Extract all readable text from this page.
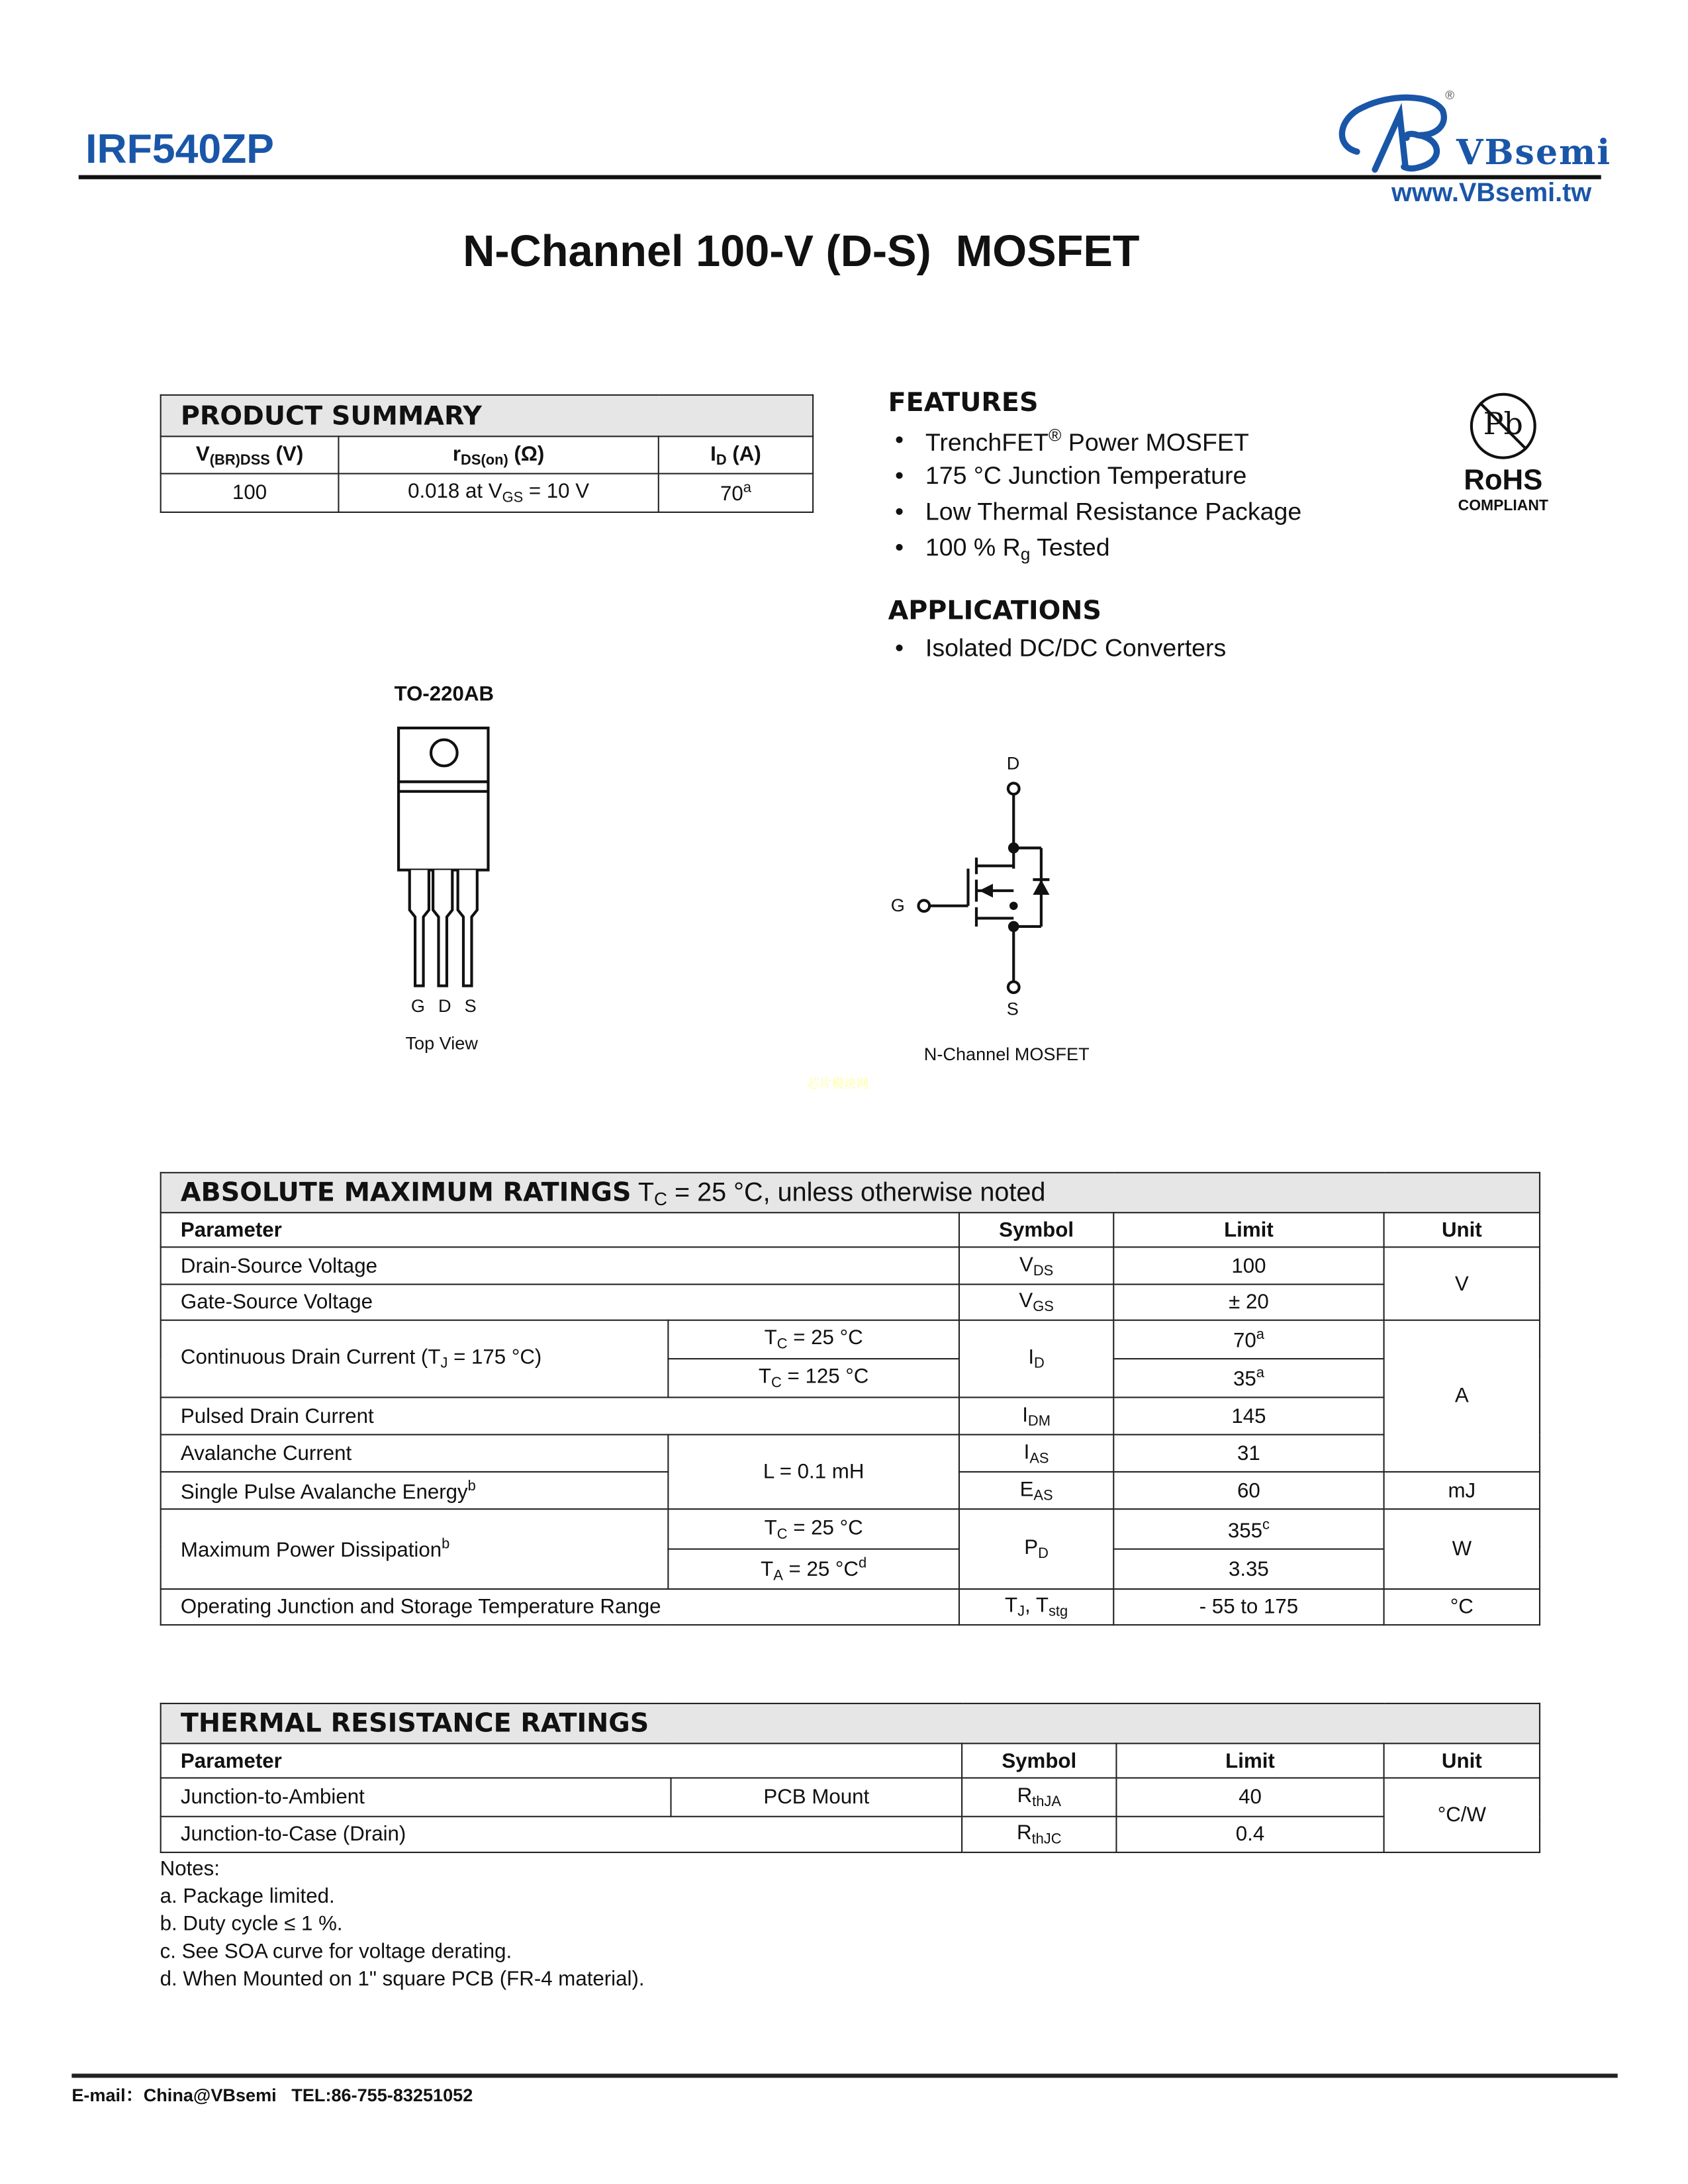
IRF540ZP
®
VBsemi
www.VBsemi.tw
N-Channel 100-V (D-S)  MOSFET
PRODUCT SUMMARY		
$V_{(BR)DSS}$ (V)	$r_{DS(on)}$ (Ω)	$I_D$ (A)
100	0.018 at $V_{GS} = 10$ V	70$^a$
FEATURES
• TrenchFET® Power MOSFET
• 175 °C Junction Temperature
• Low Thermal Resistance Package
• 100 % $R_g$ Tested
APPLICATIONS
• Isolated DC/DC Converters
Pb
RoHS
COMPLIANT
TO-220AB
G D S
Top View
D
G
S
N-Channel MOSFET
芯片模块网
ABSOLUTE MAXIMUM RATINGS $T_C = 25$ °C, unless otherwise noted				
Parameter		Symbol	Limit	Unit
Drain-Source Voltage		$V_{DS}$	100	V
Gate-Source Voltage		$V_{GS}$	± 20	
Continuous Drain Current ($T_J = 175$ °C)	$T_C = 25$ °C	$I_D$	70$^a$	A
	$T_C = 125$ °C		35$^a$
Pulsed Drain Current		$I_{DM}$	145	
Avalanche Current	L = 0.1 mH	$I_{AS}$	31	
Single Pulse Avalanche Energy$^b$		$E_{AS}$	60	mJ
Maximum Power Dissipation$^b$	$T_C = 25$ °C	$P_D$	355$^c$	W
	$T_A = 25$ $^\circ C^d$		3.35	
Operating Junction and Storage Temperature Range		$T_J$, $T_{stg}$	- 55 to 175	°C
THERMAL RESISTANCE RATINGS				
Parameter		Symbol	Limit	Unit
Junction-to-Ambient	PCB Mount	$R_{thJA}$	40	°C/W
Junction-to-Case (Drain)		$R_{thJC}$	0.4	
Notes:
a. Package limited.
b. Duty cycle ≤ 1 %.
c. See SOA curve for voltage derating.
d. When Mounted on 1" square PCB (FR-4 material).
E-mail：China@VBsemi TEL:86-755-83251052
